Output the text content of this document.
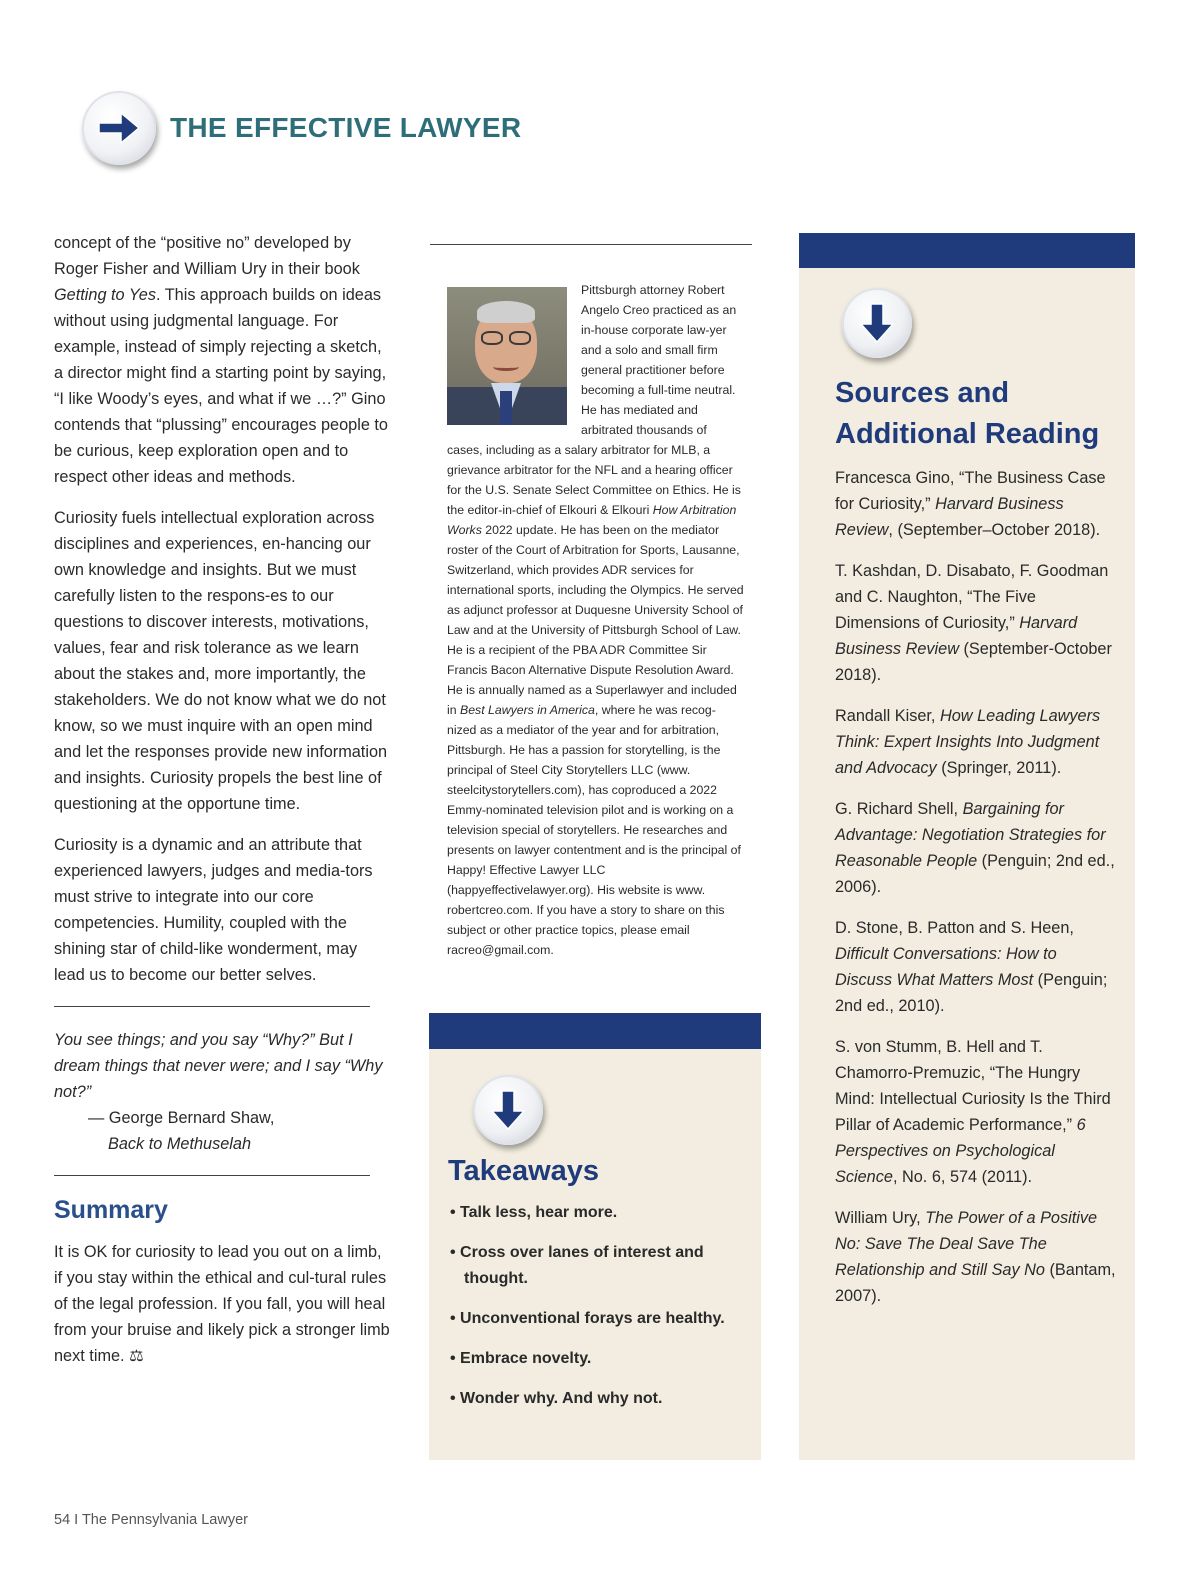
THE EFFECTIVE LAWYER

concept of the “positive no” developed by Roger Fisher and William Ury in their book Getting to Yes. This approach builds on ideas without using judgmental language. For example, instead of simply rejecting a sketch, a director might find a starting point by saying, “I like Woody’s eyes, and what if we …?” Gino contends that “plussing” encourages people to be curious, keep exploration open and to respect other ideas and methods.

Curiosity fuels intellectual exploration across disciplines and experiences, en-hancing our own knowledge and insights. But we must carefully listen to the respons-es to our questions to discover interests, motivations, values, fear and risk tolerance as we learn about the stakes and, more importantly, the stakeholders. We do not know what we do not know, so we must inquire with an open mind and let the responses provide new information and insights. Curiosity propels the best line of questioning at the opportune time.

Curiosity is a dynamic and an attribute that experienced lawyers, judges and media-tors must strive to integrate into our core competencies. Humility, coupled with the shining star of child-like wonderment, may lead us to become our better selves.

You see things; and you say “Why?” But I dream things that never were; and I say “Why not?”

— George Bernard Shaw,

Back to Methuselah

Summary

It is OK for curiosity to lead you out on a limb, if you stay within the ethical and cul-tural rules of the legal profession. If you fall, you will heal from your bruise and likely pick a stronger limb next time. ⚖

Pittsburgh attorney Robert Angelo Creo practiced as an in-house corporate law-yer and a solo and small firm general practitioner before becoming a full-time neutral. He has mediated and arbitrated thousands of cases, including as a salary arbitrator for MLB, a grievance arbitrator for the NFL and a hearing officer for the U.S. Senate Select Committee on Ethics. He is the editor-in-chief of Elkouri & Elkouri How Arbitration Works 2022 update. He has been on the mediator roster of the Court of Arbitration for Sports, Lausanne, Switzerland, which provides ADR services for international sports, including the Olympics. He served as adjunct professor at Duquesne University School of Law and at the University of Pittsburgh School of Law. He is a recipient of the PBA ADR Committee Sir Francis Bacon Alternative Dispute Resolution Award. He is annually named as a Superlawyer and included in Best Lawyers in America, where he was recog-nized as a mediator of the year and for arbitration, Pittsburgh. He has a passion for storytelling, is the principal of Steel City Storytellers LLC (www. steelcitystorytellers.com), has coproduced a 2022 Emmy-nominated television pilot and is working on a television special of storytellers. He researches and presents on lawyer contentment and is the principal of Happy! Effective Lawyer LLC (happyeffectivelawyer.org). His website is www. robertcreo.com. If you have a story to share on this subject or other practice topics, please email racreo@gmail.com.
Takeaways
• Talk less, hear more.
• Cross over lanes of interest and thought.
• Unconventional forays are healthy.
• Embrace novelty.
• Wonder why. And why not.
Sources and Additional Reading

Francesca Gino, “The Business Case for Curiosity,” Harvard Business Review, (September–October 2018).

T. Kashdan, D. Disabato, F. Goodman and C. Naughton, “The Five Dimensions of Curiosity,” Harvard Business Review (September-October 2018).

Randall Kiser, How Leading Lawyers Think: Expert Insights Into Judgment and Advocacy (Springer, 2011).

G. Richard Shell, Bargaining for Advantage: Negotiation Strategies for Reasonable People (Penguin; 2nd ed., 2006).

D. Stone, B. Patton and S. Heen, Difficult Conversations: How to Discuss What Matters Most (Penguin; 2nd ed., 2010).

S. von Stumm, B. Hell and T. Chamorro-Premuzic, “The Hungry Mind: Intellectual Curiosity Is the Third Pillar of Academic Performance,” 6 Perspectives on Psychological Science, No. 6, 574 (2011).

William Ury, The Power of a Positive No: Save The Deal Save The Relationship and Still Say No (Bantam, 2007).

54 I The Pennsylvania Lawyer
